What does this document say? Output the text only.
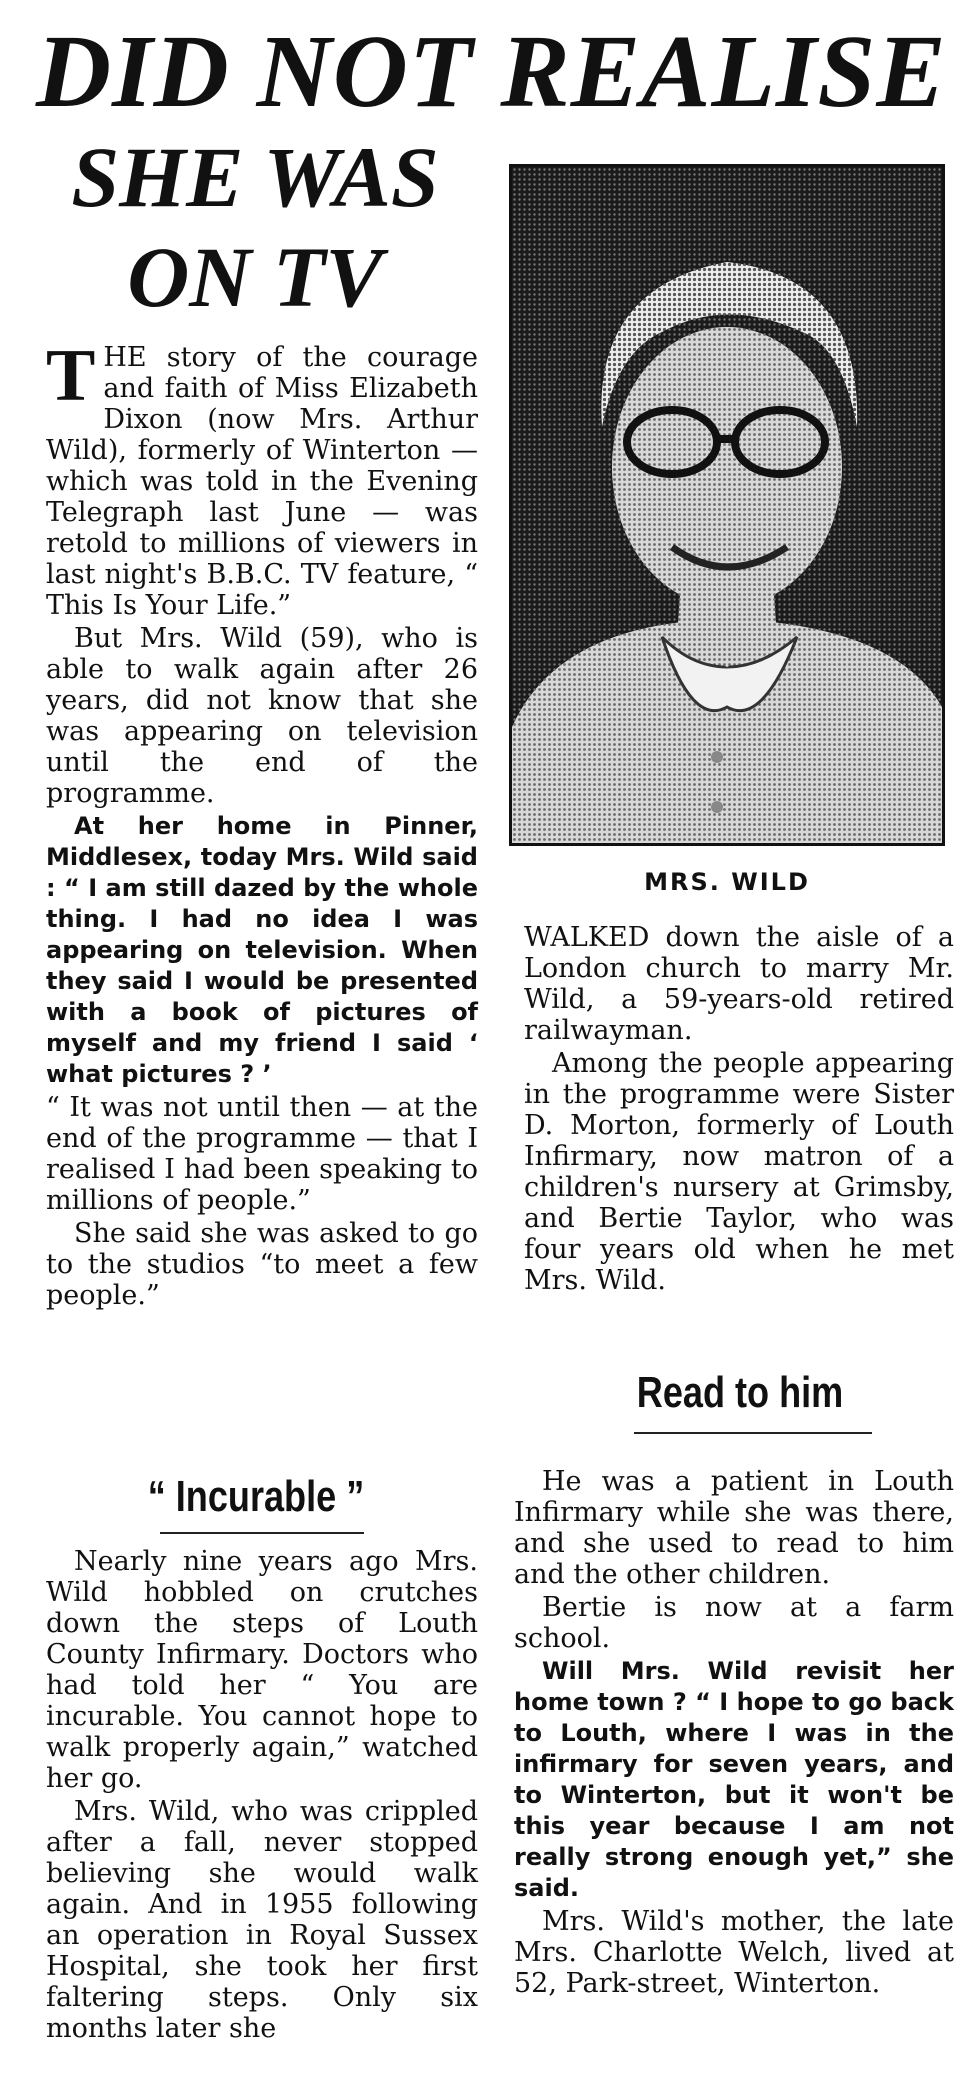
DID NOT REALISE
SHE WAS
ON TV

THE story of the courage and faith of Miss Elizabeth Dixon (now Mrs. Arthur Wild), formerly of Winterton — which was told in the Evening Telegraph last June — was retold to millions of viewers in last night's B.B.C. TV feature, “ This Is Your Life.”

But Mrs. Wild (59), who is able to walk again after 26 years, did not know that she was appearing on television until the end of the programme.

At her home in Pinner, Middlesex, today Mrs. Wild said : “ I am still dazed by the whole thing. I had no idea I was appearing on television. When they said I would be presented with a book of pictures of myself and my friend I said ‘ what pictures ? ’

“ It was not until then — at the end of the programme — that I realised I had been speaking to millions of people.”

She said she was asked to go to the studios “to meet a few people.”

“ Incurable ”

Nearly nine years ago Mrs. Wild hobbled on crutches down the steps of Louth County Infirmary. Doctors who had told her “ You are incurable. You cannot hope to walk properly again,” watched her go.

Mrs. Wild, who was crippled after a fall, never stopped believing she would walk again. And in 1955 following an operation in Royal Sussex Hospital, she took her first faltering steps. Only six months later she

MRS. WILD

WALKED down the aisle of a London church to marry Mr. Wild, a 59-years-old retired railwayman.

Among the people appearing in the programme were Sister D. Morton, formerly of Louth Infirmary, now matron of a children's nursery at Grimsby, and Bertie Taylor, who was four years old when he met Mrs. Wild.

Read to him

He was a patient in Louth Infirmary while she was there, and she used to read to him and the other children.

Bertie is now at a farm school.

Will Mrs. Wild revisit her home town ? “ I hope to go back to Louth, where I was in the infirmary for seven years, and to Winterton, but it won't be this year because I am not really strong enough yet,” she said.

Mrs. Wild's mother, the late Mrs. Charlotte Welch, lived at 52, Park-street, Winterton.
